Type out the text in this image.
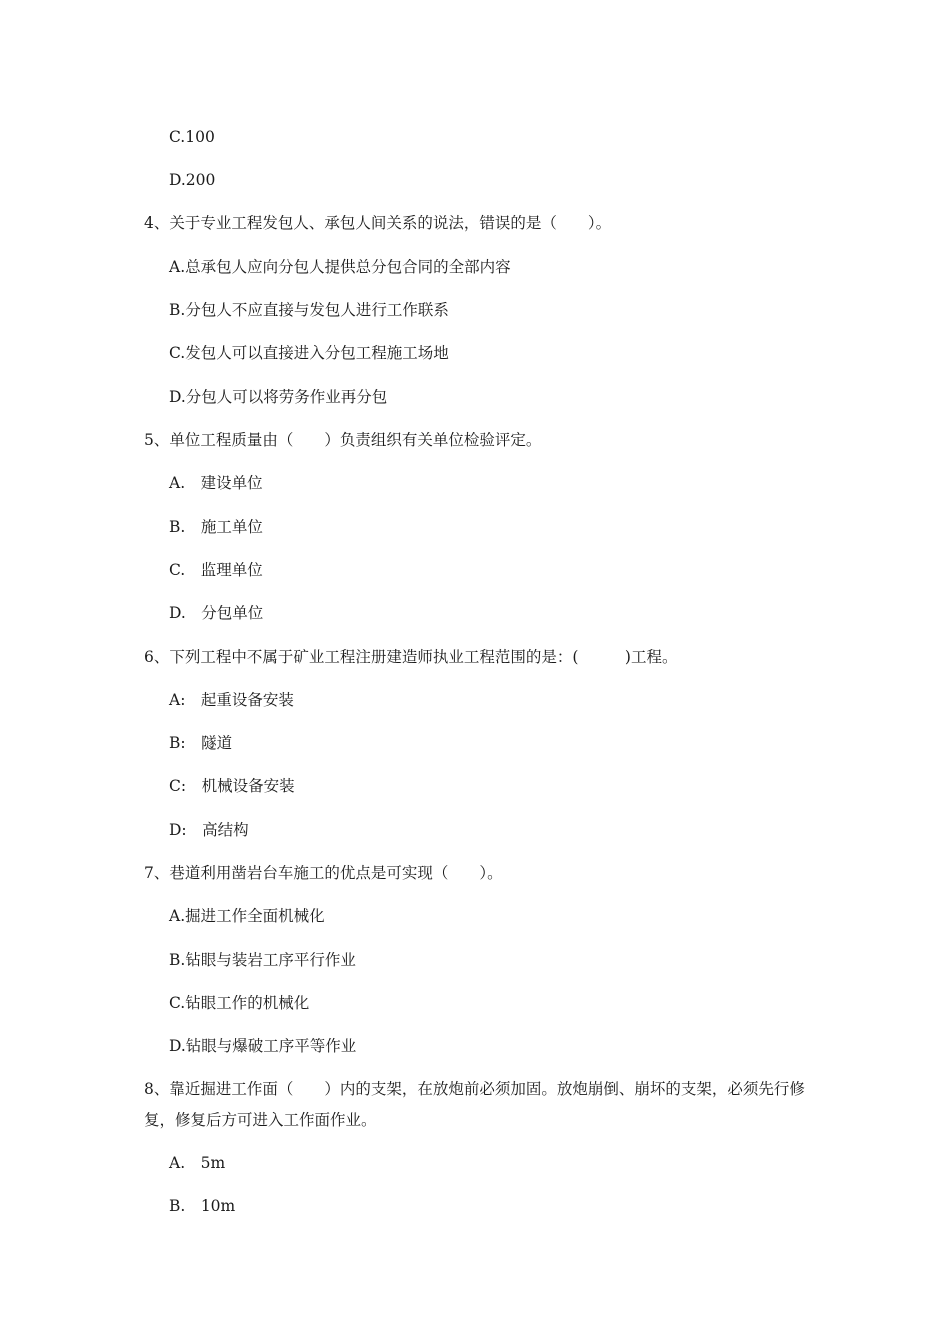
C.100
D.200
4、关于专业工程发包人、承包人间关系的说法，错误的是（　　）。
A.总承包人应向分包人提供总分包合同的全部内容
B.分包人不应直接与发包人进行工作联系
C.发包人可以直接进入分包工程施工场地
D.分包人可以将劳务作业再分包
5、单位工程质量由（　　）负责组织有关单位检验评定。
A.　建设单位
B.　施工单位
C.　监理单位
D.　分包单位
6、下列工程中不属于矿业工程注册建造师执业工程范围的是：(　　　)工程。
A:　起重设备安装
B:　隧道
C:　机械设备安装
D:　高结构
7、巷道利用凿岩台车施工的优点是可实现（　　）。
A.掘进工作全面机械化
B.钻眼与装岩工序平行作业
C.钻眼工作的机械化
D.钻眼与爆破工序平等作业
8、靠近掘进工作面（　　）内的支架，在放炮前必须加固。放炮崩倒、崩坏的支架，必须先行修复，修复后方可进入工作面作业。
A.　5m
B.　10m
